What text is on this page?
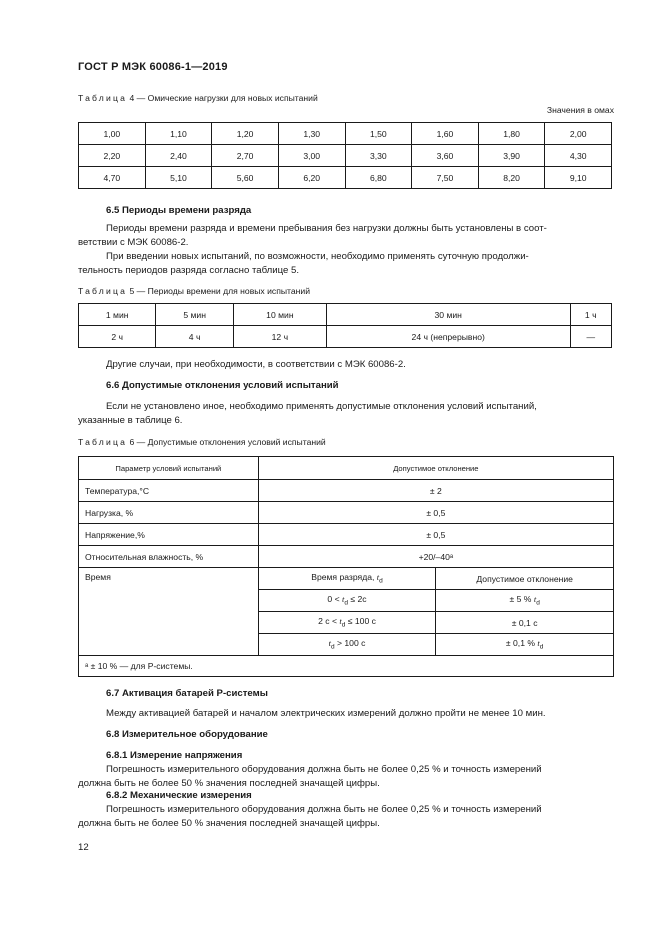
ГОСТ Р МЭК 60086-1—2019
Таблица 4 — Омические нагрузки для новых испытаний
Значения в омах
1,00	1,10	1,20	1,30	1,50	1,60	1,80	2,00
2,20	2,40	2,70	3,00	3,30	3,60	3,90	4,30
4,70	5,10	5,60	6,20	6,80	7,50	8,20	9,10
6.5 Периоды времени разряда
Периоды времени разряда и времени пребывания без нагрузки должны быть установлены в соот-
ветствии с МЭК 60086-2.
При введении новых испытаний, по возможности, необходимо применять суточную продолжи-
тельность периодов разряда согласно таблице 5.
Таблица 5 — Периоды времени для новых испытаний
1 мин	5 мин	10 мин	30 мин	1 ч
2 ч	4 ч	12 ч	24 ч (непрерывно)	—
Другие случаи, при необходимости, в соответствии с МЭК 60086-2.
6.6 Допустимые отклонения условий испытаний
Если не установлено иное, необходимо применять допустимые отклонения условий испытаний,
указанные в таблице 6.
Таблица 6 — Допустимые отклонения условий испытаний
Параметр условий испытаний	Допустимое отклонение	
Температура,°С	± 2	
Нагрузка, %	± 0,5	
Напряжение,%	± 0,5	
Относительная влажность, %	+20/–40ᵃ	
Время	Время разряда, $t_d$	Допустимое отклонение
	$0 < t_d \le 2с$	± 5 % $t_d$
	2 $с < t_d \le 100$ с	± 0,1 с
	$t_d > 100$ с	± 0,1 % $t_d$
ᵃ ± 10 % — для Р-системы.		
6.7 Активация батарей Р-системы
Между активацией батарей и началом электрических измерений должно пройти не менее 10 мин.
6.8 Измерительное оборудование
6.8.1 Измерение напряжения
Погрешность измерительного оборудования должна быть не более 0,25 % и точность измерений
должна быть не более 50 % значения последней значащей цифры.
6.8.2 Механические измерения
Погрешность измерительного оборудования должна быть не более 0,25 % и точность измерений
должна быть не более 50 % значения последней значащей цифры.
12
